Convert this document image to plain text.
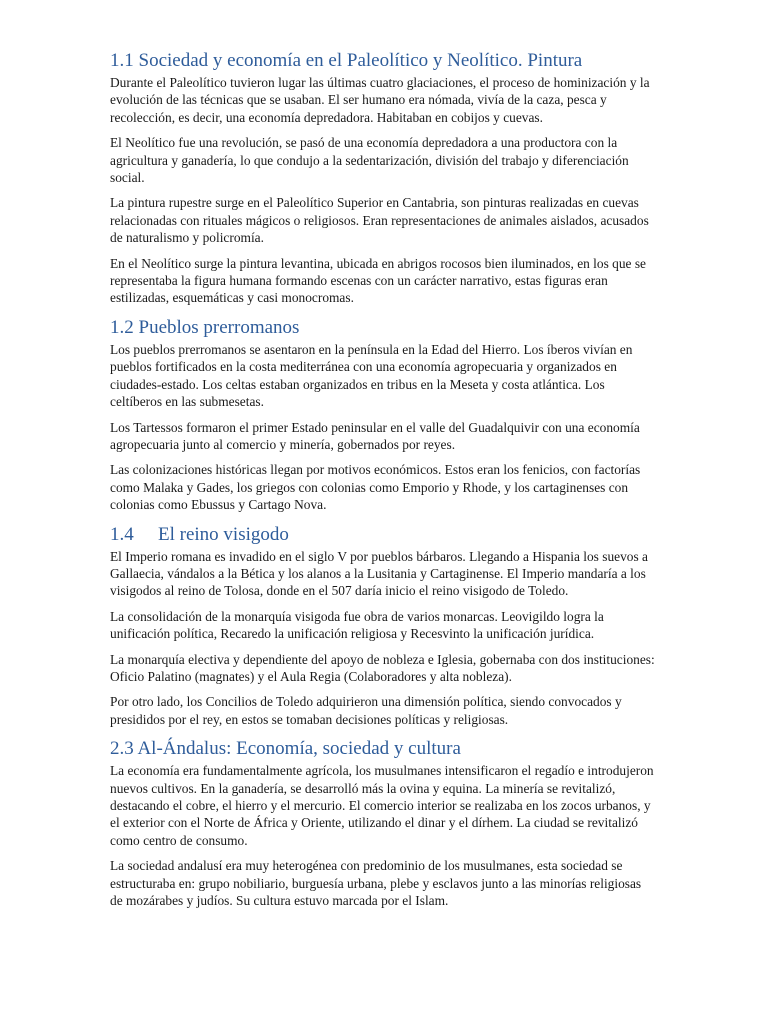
1.1 Sociedad y economía en el Paleolítico y Neolítico. Pintura

Durante el Paleolítico tuvieron lugar las últimas cuatro glaciaciones, el proceso de hominización y la evolución de las técnicas que se usaban. El ser humano era nómada, vivía de la caza, pesca y recolección, es decir, una economía depredadora. Habitaban en cobijos y cuevas.

El Neolítico fue una revolución, se pasó de una economía depredadora a una productora con la agricultura y ganadería, lo que condujo a la sedentarización, división del trabajo y diferenciación social.

La pintura rupestre surge en el Paleolítico Superior en Cantabria, son pinturas realizadas en cuevas relacionadas con rituales mágicos o religiosos. Eran representaciones de animales aislados, acusados de naturalismo y policromía.

En el Neolítico surge la pintura levantina, ubicada en abrigos rocosos bien iluminados, en los que se representaba la figura humana formando escenas con un carácter narrativo, estas figuras eran estilizadas, esquemáticas y casi monocromas.

1.2 Pueblos prerromanos

Los pueblos prerromanos se asentaron en la península en la Edad del Hierro. Los íberos vivían en pueblos fortificados en la costa mediterránea con una economía agropecuaria y organizados en ciudades-estado. Los celtas estaban organizados en tribus en la Meseta y costa atlántica. Los celtíberos en las submesetas.

Los Tartessos formaron el primer Estado peninsular en el valle del Guadalquivir con una economía agropecuaria junto al comercio y minería, gobernados por reyes.

Las colonizaciones históricas llegan por motivos económicos. Estos eran los fenicios, con factorías como Malaka y Gades, los griegos con colonias como Emporio y Rhode, y los cartaginenses con colonias como Ebussus y Cartago Nova.

1.4 El reino visigodo

El Imperio romana es invadido en el siglo V por pueblos bárbaros. Llegando a Hispania los suevos a Gallaecia, vándalos a la Bética y los alanos a la Lusitania y Cartaginense. El Imperio mandaría a los visigodos al reino de Tolosa, donde en el 507 daría inicio el reino visigodo de Toledo.

La consolidación de la monarquía visigoda fue obra de varios monarcas. Leovigildo logra la unificación política, Recaredo la unificación religiosa y Recesvinto la unificación jurídica.

La monarquía electiva y dependiente del apoyo de nobleza e Iglesia, gobernaba con dos instituciones: Oficio Palatino (magnates) y el Aula Regia (Colaboradores y alta nobleza).

Por otro lado, los Concilios de Toledo adquirieron una dimensión política, siendo convocados y presididos por el rey, en estos se tomaban decisiones políticas y religiosas.

2.3 Al-Ándalus: Economía, sociedad y cultura

La economía era fundamentalmente agrícola, los musulmanes intensificaron el regadío e introdujeron nuevos cultivos. En la ganadería, se desarrolló más la ovina y equina. La minería se revitalizó, destacando el cobre, el hierro y el mercurio. El comercio interior se realizaba en los zocos urbanos, y el exterior con el Norte de África y Oriente, utilizando el dinar y el dírhem. La ciudad se revitalizó como centro de consumo.

La sociedad andalusí era muy heterogénea con predominio de los musulmanes, esta sociedad se estructuraba en: grupo nobiliario, burguesía urbana, plebe y esclavos junto a las minorías religiosas de mozárabes y judíos. Su cultura estuvo marcada por el Islam.
